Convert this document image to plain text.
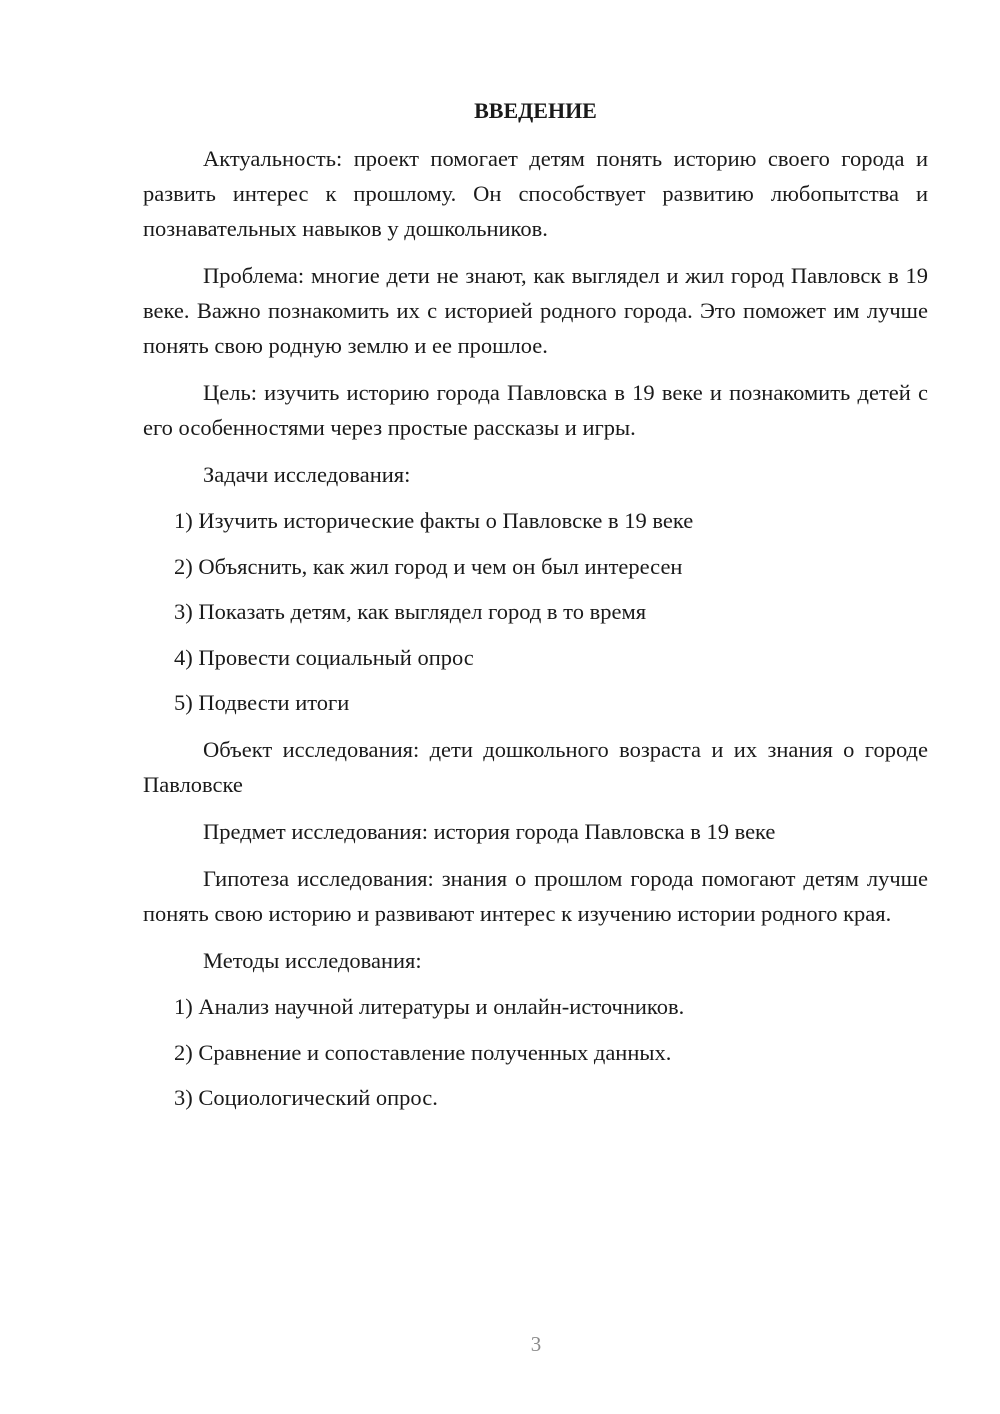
ВВЕДЕНИЕ

Актуальность: проект помогает детям понять историю своего города и развить интерес к прошлому. Он способствует развитию любопытства и познавательных навыков у дошкольников.

Проблема: многие дети не знают, как выглядел и жил город Павловск в 19 веке. Важно познакомить их с историей родного города. Это поможет им лучше понять свою родную землю и ее прошлое.

Цель: изучить историю города Павловска в 19 веке и познакомить детей с его особенностями через простые рассказы и игры.

Задачи исследования:

1) Изучить исторические факты о Павловске в 19 веке
2) Объяснить, как жил город и чем он был интересен
3) Показать детям, как выглядел город в то время
4) Провести социальный опрос
5) Подвести итоги

Объект исследования: дети дошкольного возраста и их знания о городе Павловске

Предмет исследования: история города Павловска в 19 веке

Гипотеза исследования: знания о прошлом города помогают детям лучше понять свою историю и развивают интерес к изучению истории родного края.

Методы исследования:

1) Анализ научной литературы и онлайн-источников.
2) Сравнение и сопоставление полученных данных.
3) Социологический опрос.
3
